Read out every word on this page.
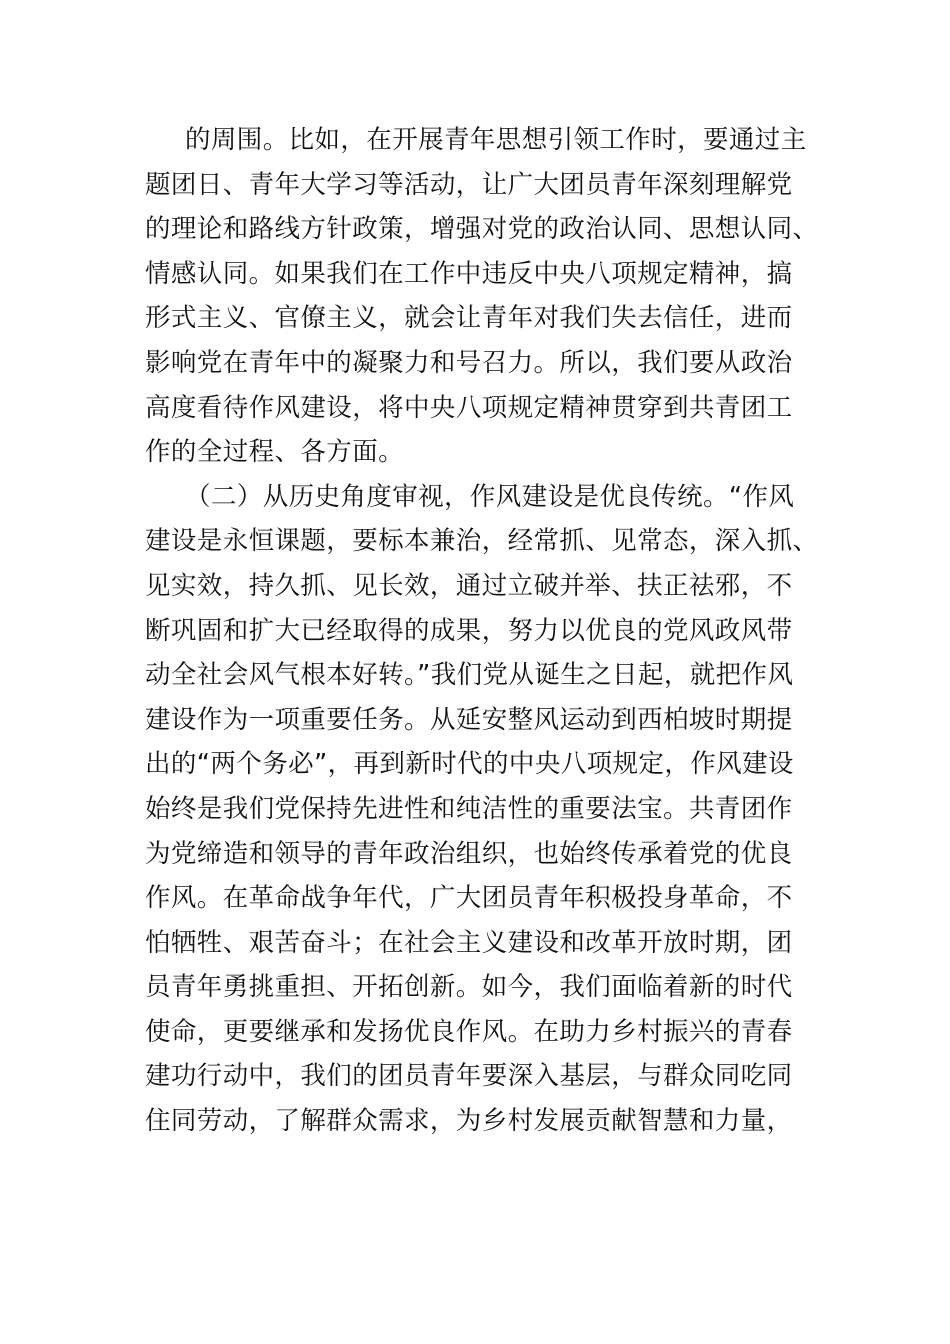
的周围。比如，在开展青年思想引领工作时，要通过主
题团日、青年大学习等活动，让广大团员青年深刻理解党
的理论和路线方针政策，增强对党的政治认同、思想认同、
情感认同。如果我们在工作中违反中央八项规定精神，搞
形式主义、官僚主义，就会让青年对我们失去信任，进而
影响党在青年中的凝聚力和号召力。所以，我们要从政治
高度看待作风建设，将中央八项规定精神贯穿到共青团工
作的全过程、各方面。
（二）从历史角度审视，作风建设是优良传统。“作风
建设是永恒课题，要标本兼治，经常抓、见常态，深入抓、
见实效，持久抓、见长效，通过立破并举、扶正祛邪，不
断巩固和扩大已经取得的成果，努力以优良的党风政风带
动全社会风气根本好转。”我们党从诞生之日起，就把作风
建设作为一项重要任务。从延安整风运动到西柏坡时期提
出的“两个务必”，再到新时代的中央八项规定，作风建设
始终是我们党保持先进性和纯洁性的重要法宝。共青团作
为党缔造和领导的青年政治组织，也始终传承着党的优良
作风。在革命战争年代，广大团员青年积极投身革命，不
怕牺牲、艰苦奋斗；在社会主义建设和改革开放时期，团
员青年勇挑重担、开拓创新。如今，我们面临着新的时代
使命，更要继承和发扬优良作风。在助力乡村振兴的青春
建功行动中，我们的团员青年要深入基层，与群众同吃同
住同劳动，了解群众需求，为乡村发展贡献智慧和力量，
